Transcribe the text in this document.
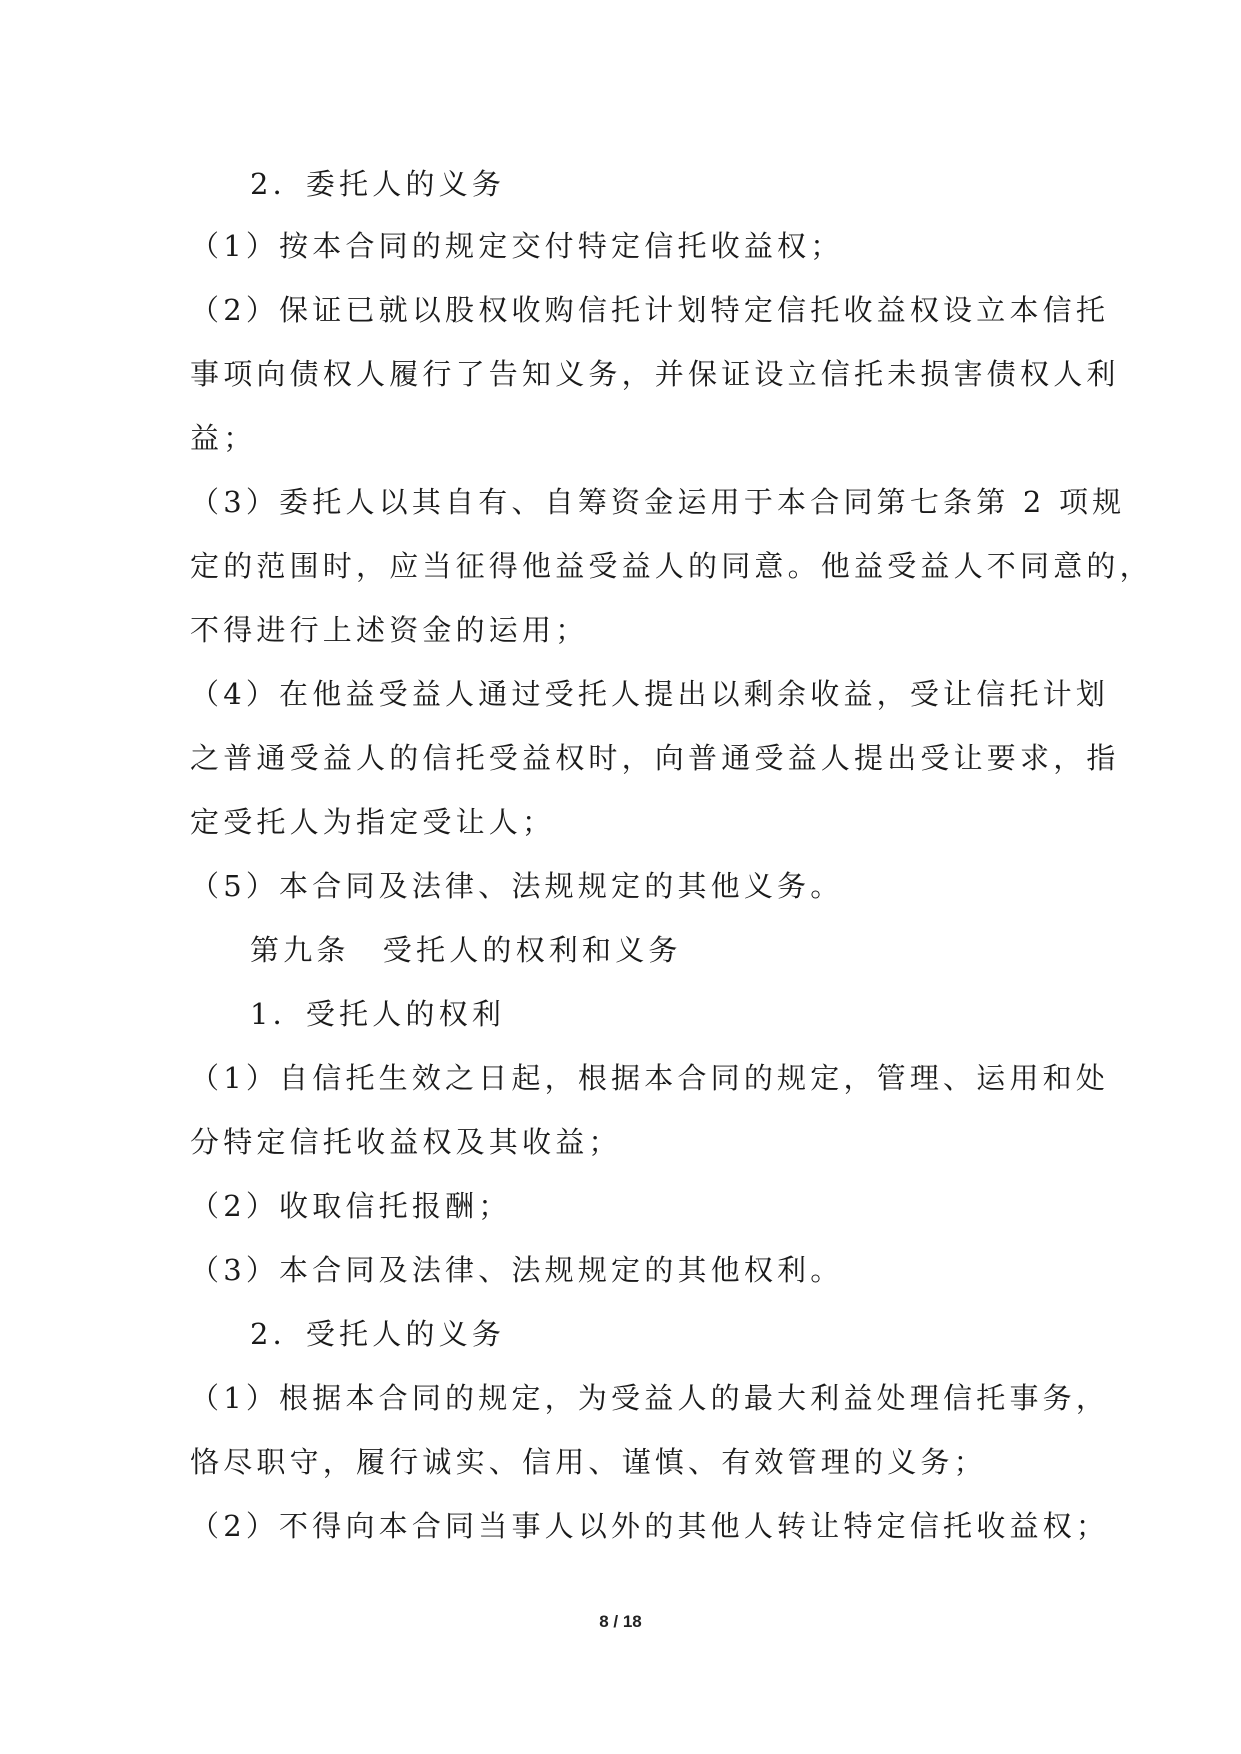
2．委托人的义务
（1）按本合同的规定交付特定信托收益权；
（2）保证已就以股权收购信托计划特定信托收益权设立本信托
事项向债权人履行了告知义务，并保证设立信托未损害债权人利
益；
（3）委托人以其自有、自筹资金运用于本合同第七条第 2 项规
定的范围时，应当征得他益受益人的同意。他益受益人不同意的，
不得进行上述资金的运用；
（4）在他益受益人通过受托人提出以剩余收益，受让信托计划
之普通受益人的信托受益权时，向普通受益人提出受让要求，指
定受托人为指定受让人；
（5）本合同及法律、法规规定的其他义务。
第九条　受托人的权利和义务
1．受托人的权利
（1）自信托生效之日起，根据本合同的规定，管理、运用和处
分特定信托收益权及其收益；
（2）收取信托报酬；
（3）本合同及法律、法规规定的其他权利。
2．受托人的义务
（1）根据本合同的规定，为受益人的最大利益处理信托事务，
恪尽职守，履行诚实、信用、谨慎、有效管理的义务；
（2）不得向本合同当事人以外的其他人转让特定信托收益权；
8 / 18
